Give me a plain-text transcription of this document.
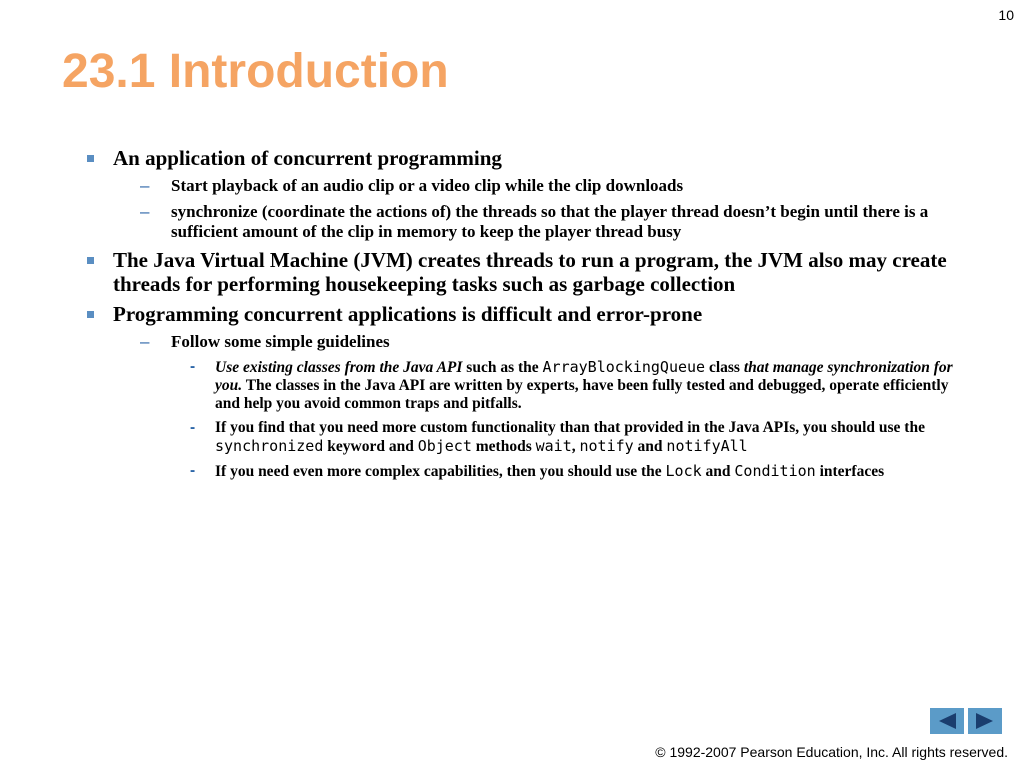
10
23.1 Introduction
An application of concurrent programming
– Start playback of an audio clip or a video clip while the clip downloads
– synchronize (coordinate the actions of) the threads so that the player thread doesn’t begin until there is a sufficient amount of the clip in memory to keep the player thread busy
The Java Virtual Machine (JVM) creates threads to run a program, the JVM also may create threads for performing housekeeping tasks such as garbage collection
Programming concurrent applications is difficult and error-prone
– Follow some simple guidelines
- Use existing classes from the Java API such as the ArrayBlockingQueue class that manage synchronization for you. The classes in the Java API are written by experts, have been fully tested and debugged, operate efficiently and help you avoid common traps and pitfalls.
- If you find that you need more custom functionality than that provided in the Java APIs, you should use the synchronized keyword and Object methods wait, notify and notifyAll
- If you need even more complex capabilities, then you should use the Lock and Condition interfaces
© 1992-2007 Pearson Education, Inc. All rights reserved.
